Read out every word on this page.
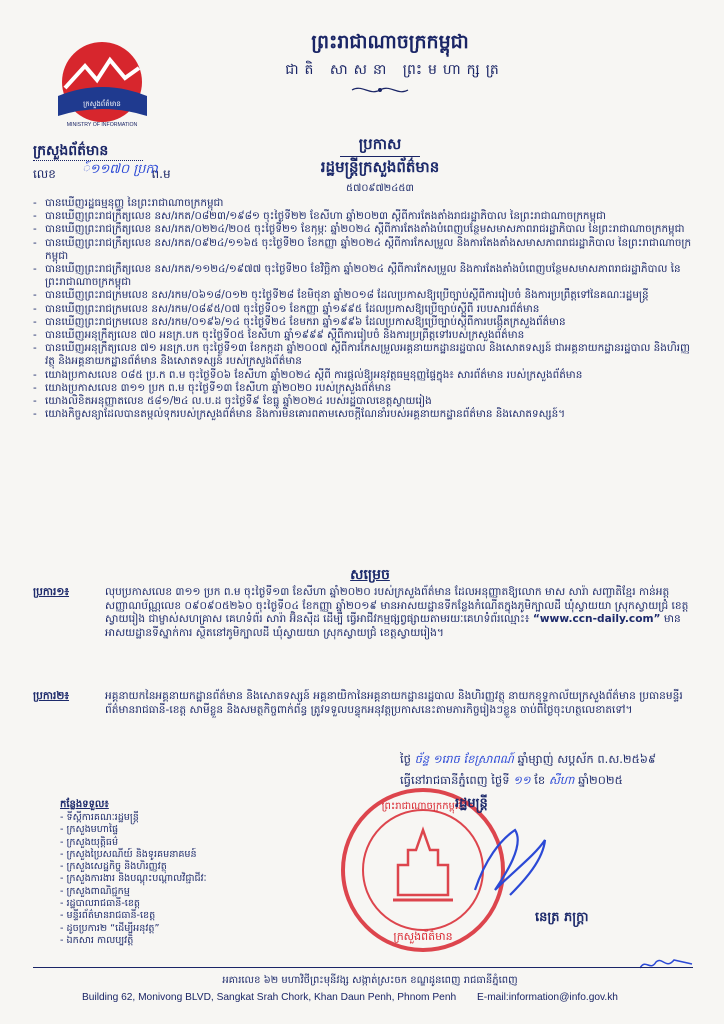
ព្រះរាជាណាចក្រកម្ពុជា
ជាតិ សាសនា ព្រះមហាក្សត្រ
ក្រសួងព័ត៌មាន
MINISTRY OF INFORMATION
ក្រសួងព័ត៌មាន
លេខ	ព.ម
៍១១៧០ ប្រកា
ប្រកាស
រដ្ឋមន្ត្រីក្រសួងព័ត៌មាន
៥៧០៩៧២៤៥៣
- បានឃើញរដ្ឋធម្មនុញ្ញ នៃព្រះរាជាណាចក្រកម្ពុជា
- បានឃើញព្រះរាជក្រឹត្យលេខ នស/រកត/០៨២៣/១៩៨១ ចុះថ្ងៃទី២២ ខែសីហា ឆ្នាំ២០២៣ ស្តីពីការតែងតាំងរាជរដ្ឋាភិបាល នៃព្រះរាជាណាចក្រកម្ពុជា
- បានឃើញព្រះរាជក្រឹត្យលេខ នស/រកត/០២២៤/២០៥ ចុះថ្ងៃទី២១ ខែកុម្ភៈ ឆ្នាំ២០២៤ ស្តីពីការតែងតាំងបំពេញបន្ថែមសមាសភាពរាជរដ្ឋាភិបាល នៃព្រះរាជាណាចក្រកម្ពុជា
- បានឃើញព្រះរាជក្រឹត្យលេខ នស/រកត/០៩២៤/១១៦៥ ចុះថ្ងៃទី២០ ខែកញ្ញា ឆ្នាំ២០២៤ ស្តីពីការកែសម្រួល និងការតែងតាំងសមាសភាពរាជរដ្ឋាភិបាល នៃព្រះរាជាណាចក្រកម្ពុជា
- បានឃើញព្រះរាជក្រឹត្យលេខ នស/រកត/១១២៤/១៩៧៧ ចុះថ្ងៃទី២០ ខែវិច្ឆិកា ឆ្នាំ២០២៤ ស្តីពីការកែសម្រួល និងការតែងតាំងបំពេញបន្ថែមសមាសភាពរាជរដ្ឋាភិបាល នៃព្រះរាជាណាចក្រកម្ពុជា
- បានឃើញព្រះរាជក្រមលេខ នស/រកម/០៦១៨/០១២ ចុះថ្ងៃទី២៨ ខែមិថុនា ឆ្នាំ២០១៨ ដែលប្រកាសឱ្យប្រើច្បាប់ស្តីពីការរៀបចំ និងការប្រព្រឹត្តទៅនៃគណៈរដ្ឋមន្ត្រី
- បានឃើញព្រះរាជក្រមលេខ នស/រកម/០៨៩៥/០៧ ចុះថ្ងៃទី០១ ខែកញ្ញា ឆ្នាំ១៩៩៥ ដែលប្រកាសឱ្យប្រើច្បាប់ស្តីពី របបសារព័ត៌មាន
- បានឃើញព្រះរាជក្រមលេខ នស/រកម/០១៩៦/១៤ ចុះថ្ងៃទី២៤ ខែមករា ឆ្នាំ១៩៩៦ ដែលប្រកាសឱ្យប្រើច្បាប់ស្តីពីការបង្កើតក្រសួងព័ត៌មាន
- បានឃើញអនុក្រឹត្យលេខ ៧០ អនក្រ.បក ចុះថ្ងៃទី០៥ ខែសីហា ឆ្នាំ១៩៩៩ ស្តីពីការរៀបចំ និងការប្រព្រឹត្តទៅរបស់ក្រសួងព័ត៌មាន
- បានឃើញអនុក្រឹត្យលេខ ៧១ អនក្រ.បក ចុះថ្ងៃទី១៣ ខែកក្កដា ឆ្នាំ២០០៧ ស្តីពីការកែសម្រួលអគ្គនាយកដ្ឋានរដ្ឋបាល និងសោតទស្សន៍ ជាអគ្គនាយកដ្ឋានរដ្ឋបាល និងហិរញ្ញវត្ថុ និងអគ្គនាយកដ្ឋានព័ត៌មាន និងសោតទស្សន៍ របស់ក្រសួងព័ត៌មាន
- យោងប្រកាសលេខ ០៨៥ ប្រ.ក ព.ម ចុះថ្ងៃទី០៦ ខែសីហា ឆ្នាំ២០២៤ ស្តីពី ការផ្តល់ឱ្យអនុវត្តធម្មនុញ្ញផ្ទៃក្នុង៖ សារព័ត៌មាន របស់ក្រសួងព័ត៌មាន
- យោងប្រកាសលេខ ៣១១ ប្រក ព.ម ចុះថ្ងៃទី១៣ ខែសីហា ឆ្នាំ២០២០ របស់ក្រសួងព័ត៌មាន
- យោងលិខិតអនុញ្ញាតលេខ ៥៨១/២៤ ល.ប.ដ ចុះថ្ងៃទី៩ ខែធ្នូ ឆ្នាំ២០២៤ របស់រដ្ឋបាលខេត្តស្វាយរៀង
- យោងកិច្ចសន្យាដែលបានតម្កល់ទុករបស់ក្រសួងព័ត៌មាន និងការមិនគោរពតាមសេចក្តីណែនាំរបស់អគ្គនាយកដ្ឋានព័ត៌មាន និងសោតទស្សន៍។
សម្រេច
ប្រការ១៖	លុបប្រកាសលេខ ៣១១ ប្រក ព.ម ចុះថ្ងៃទី១៣ ខែសីហា ឆ្នាំ២០២០ របស់ក្រសួងព័ត៌មាន ដែលអនុញ្ញាតឱ្យលោក មាស សារ៉ា សញ្ជាតិខ្មែរ កាន់អត្តសញ្ញាណប័ណ្ណលេខ ០៩០៩០៥២៦០ ចុះថ្ងៃទី០៤ ខែកញ្ញា ឆ្នាំ២០១៩ មានអាសយដ្ឋានទីកន្លែងកំណើតក្នុងភូមិក្បាលដី ឃុំស្វាយយា ស្រុកស្វាយជ្រំ ខេត្តស្វាយរៀង ជាម្ចាស់សហគ្រាស គេហទំព័រ សារ៉ា អ៊ិនស៊ីដ ដើម្បី ធ្វើអាជីវកម្មផ្សព្វផ្សាយតាមរយៈគេហទំព័រឈ្មោះ៖ “www.ccn-daily.com” មានអាសយដ្ឋានទីស្នាក់ការ ស្ថិតនៅភូមិក្បាលដី ឃុំស្វាយយា ស្រុកស្វាយជ្រំ ខេត្តស្វាយរៀង។
ប្រការ២៖	អគ្គនាយកនៃអគ្គនាយកដ្ឋានព័ត៌មាន និងសោតទស្សន៍ អគ្គនាយិកានៃអគ្គនាយកដ្ឋានរដ្ឋបាល និងហិរញ្ញវត្ថុ នាយកខុទ្ទកាល័យក្រសួងព័ត៌មាន ប្រធានមន្ទីរព័ត៌មានរាជធានី-ខេត្ត សាមីខ្លួន និងសមត្ថកិច្ចពាក់ព័ន្ធ ត្រូវទទួលបន្ទុកអនុវត្តប្រកាសនេះតាមភារកិច្ចរៀងៗខ្លួន ចាប់ពីថ្ងៃចុះហត្ថលេខាតទៅ។
ថ្ងៃ ច័ន្ទ ១រោច ខែស្រាពណ៍ ឆ្នាំម្សាញ់ សប្តស័ក ព.ស.២៥៦៩
ធ្វើនៅរាជធានីភ្នំពេញ ថ្ងៃទី ១១ ខែ សីហា ឆ្នាំ២០២៥
ព្រះរាជាណាចក្រកម្ពុជា
ក្រសួងព័ត៌មាន
រដ្ឋមន្ត្រី
នេត្រ ភក្ត្រា
កន្លែងទទួល៖
- ទីស្តីការគណៈរដ្ឋមន្ត្រី
- ក្រសួងមហាផ្ទៃ
- ក្រសួងយុត្តិធម៌
- ក្រសួងប្រៃសណីយ៍ និងទូរគមនាគមន៍
- ក្រសួងសេដ្ឋកិច្ច និងហិរញ្ញវត្ថុ
- ក្រសួងការងារ និងបណ្តុះបណ្តាលវិជ្ជាជីវៈ
- ក្រសួងពាណិជ្ជកម្ម
- រដ្ឋបាលរាជធានី-ខេត្ត
- មន្ទីរព័ត៌មានរាជធានី-ខេត្ត
- ដូចប្រការ២ “ដើម្បីអនុវត្ត”
- ឯកសារ កាលប្បវត្តិ
អគារលេខ ៦២ មហាវិថីព្រះមុនីវង្ស សង្កាត់ស្រះចក ខណ្ឌដូនពេញ រាជធានីភ្នំពេញ
Building 62, Monivong BLVD, Sangkat Srah Chork, Khan Daun Penh, Phnom Penh E-mail:information@info.gov.kh
